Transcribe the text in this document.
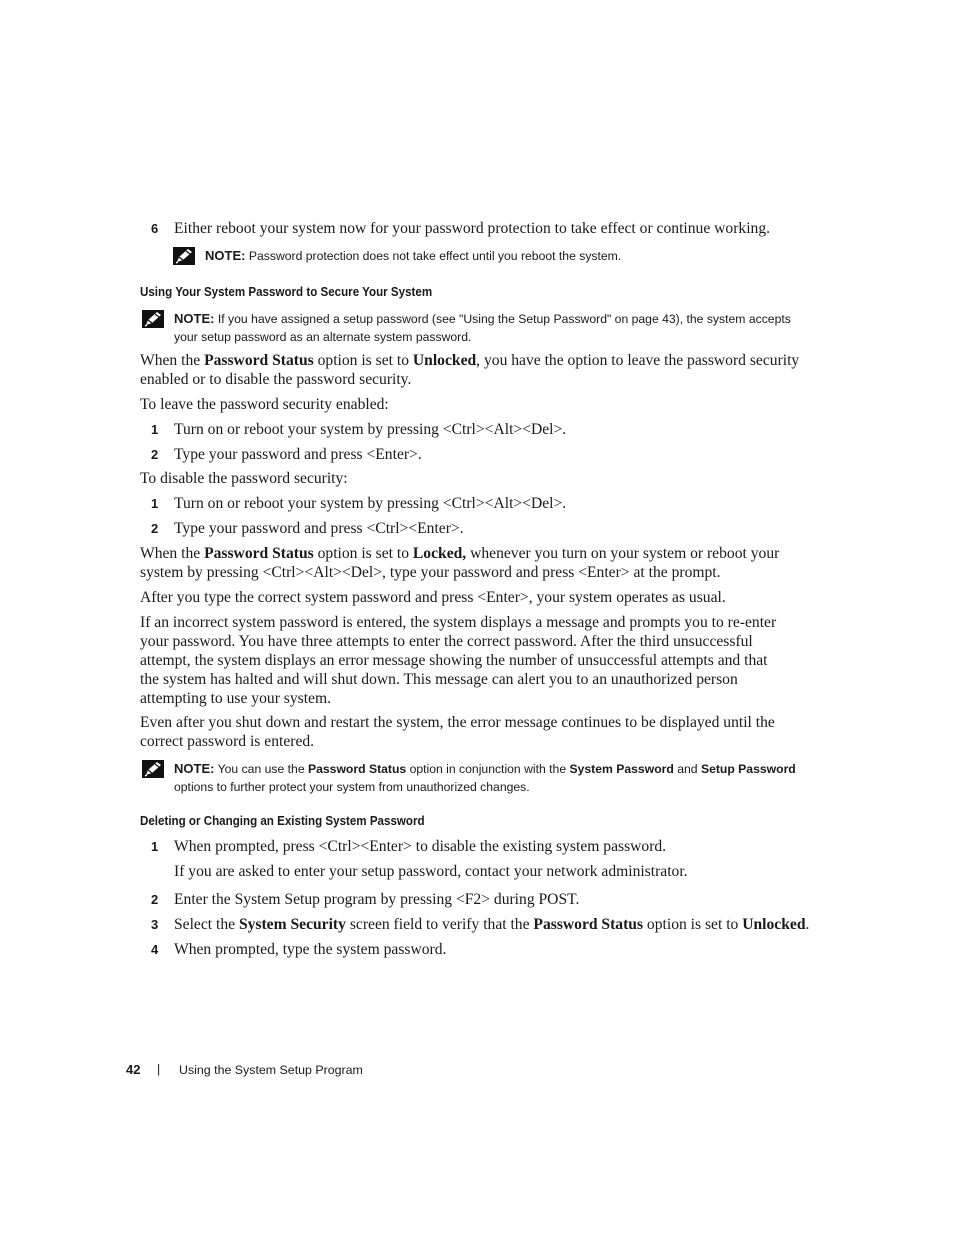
6 Either reboot your system now for your password protection to take effect or continue working.
NOTE: Password protection does not take effect until you reboot the system.
Using Your System Password to Secure Your System
NOTE: If you have assigned a setup password (see "Using the Setup Password" on page 43), the system accepts
your setup password as an alternate system password.
When the Password Status option is set to Unlocked, you have the option to leave the password security
enabled or to disable the password security.
To leave the password security enabled:
1 Turn on or reboot your system by pressing <Ctrl><Alt><Del>.
2 Type your password and press <Enter>.
To disable the password security:
1 Turn on or reboot your system by pressing <Ctrl><Alt><Del>.
2 Type your password and press <Ctrl><Enter>.
When the Password Status option is set to Locked, whenever you turn on your system or reboot your
system by pressing <Ctrl><Alt><Del>, type your password and press <Enter> at the prompt.
After you type the correct system password and press <Enter>, your system operates as usual.
If an incorrect system password is entered, the system displays a message and prompts you to re-enter
your password. You have three attempts to enter the correct password. After the third unsuccessful
attempt, the system displays an error message showing the number of unsuccessful attempts and that
the system has halted and will shut down. This message can alert you to an unauthorized person
attempting to use your system.
Even after you shut down and restart the system, the error message continues to be displayed until the
correct password is entered.
NOTE: You can use the Password Status option in conjunction with the System Password and Setup Password
options to further protect your system from unauthorized changes.
Deleting or Changing an Existing System Password
1 When prompted, press <Ctrl><Enter> to disable the existing system password.
If you are asked to enter your setup password, contact your network administrator.
2 Enter the System Setup program by pressing <F2> during POST.
3 Select the System Security screen field to verify that the Password Status option is set to Unlocked.
4 When prompted, type the system password.
42 | Using the System Setup Program
